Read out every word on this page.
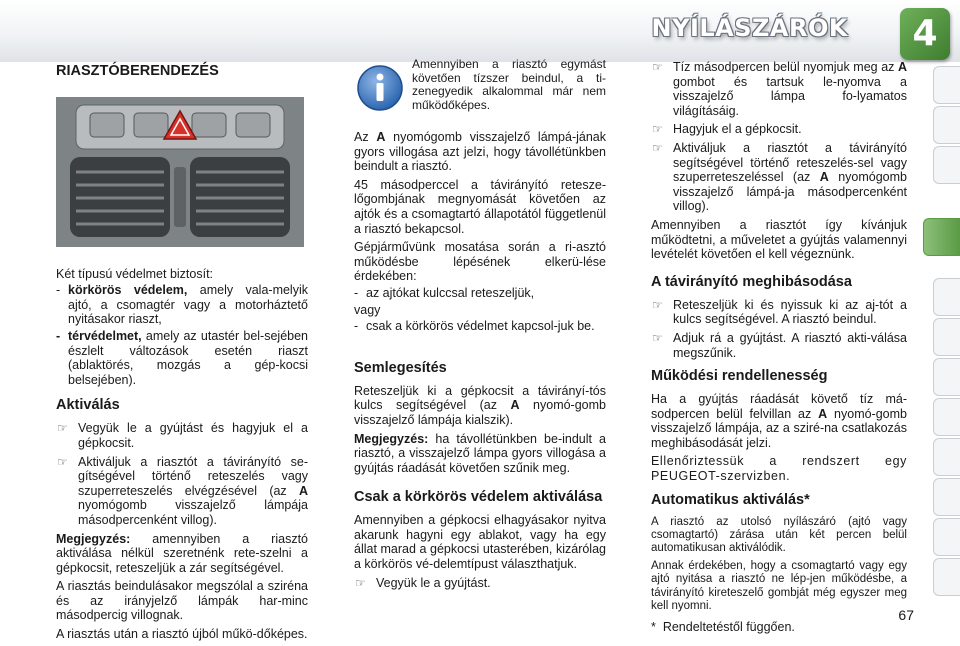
NYÍLÁSZÁRÓK	4
RIASZTÓBERENDEZÉS

Két típusú védelmet biztosít:

- körkörös védelem, amely vala-melyik ajtó, a csomagtér vagy a motorháztető nyitásakor riaszt,
- térvédelmet, amely az utastér bel-sejében észlelt változások esetén riaszt (ablaktörés, mozgás a gép-kocsi belsejében).
Aktiválás
☞ Vegyük le a gyújtást és hagyjuk el a gépkocsit.
☞ Aktiváljuk a riasztót a távirányító se-gítségével történő reteszelés vagy szuperreteszelés elvégzésével (az A nyomógomb visszajelző lámpája másodpercenként villog).

Megjegyzés: amennyiben a riasztó aktiválása nélkül szeretnénk rete-szelni a gépkocsit, reteszeljük a zár segítségével.

A riasztás beindulásakor megszólal a sziréna és az irányjelző lámpák har-minc másodpercig villognak.

A riasztás után a riasztó újból műkö-dőképes.

Amennyiben a riasztó egymást követően tízszer beindul, a ti-zenegyedik alkalommal már nem működőképes.

Az A nyomógomb visszajelző lámpá-jának gyors villogása azt jelzi, hogy távollétünkben beindult a riasztó.

45 másodperccel a távirányító retesze-lőgombjának megnyomását követően az ajtók és a csomagtartó állapotától függetlenül a riasztó bekapcsol.

Gépjárművünk mosatása során a ri-asztó működésbe lépésének elkerü-lése érdekében:

- az ajtókat kulccsal reteszeljük,

vagy

- csak a körkörös védelmet kapcsol-juk be.
Semlegesítés

Reteszeljük ki a gépkocsit a távirányí-tós kulcs segítségével (az A nyomó-gomb visszajelző lámpája kialszik).

Megjegyzés: ha távollétünkben be-indult a riasztó, a visszajelző lámpa gyors villogása a gyújtás ráadását követően szűnik meg.

Csak a körkörös védelem aktiválása

Amennyiben a gépkocsi elhagyásakor nyitva akarunk hagyni egy ablakot, vagy ha egy állat marad a gépkocsi utasterében, kizárólag a körkörös vé-delemtípust választhatjuk.

☞ Vegyük le a gyújtást.
☞ Tíz másodpercen belül nyomjuk meg az A gombot és tartsuk le-nyomva a visszajelző lámpa fo-lyamatos világításáig.
☞ Hagyjuk el a gépkocsit.
☞ Aktiváljuk a riasztót a távirányító segítségével történő reteszelés-sel vagy szuperreteszeléssel (az A nyomógomb visszajelző lámpá-ja másodpercenként villog).

Amennyiben a riasztót így kívánjuk működtetni, a műveletet a gyújtás valamennyi levételét követően el kell végeznünk.

A távirányító meghibásodása
☞ Reteszeljük ki és nyissuk ki az aj-tót a kulcs segítségével. A riasztó beindul.
☞ Adjuk rá a gyújtást. A riasztó akti-válása megszűnik.
Működési rendellenesség

Ha a gyújtás ráadását követő tíz má-sodpercen belül felvillan az A nyomó-gomb visszajelző lámpája, az a sziré-na csatlakozás meghibásodását jelzi.

Ellenőriztessük a rendszert egy PEUGEOT-szervizben.

Automatikus aktiválás*

A riasztó az utolsó nyílászáró (ajtó vagy csomagtartó) zárása után két percen belül automatikusan aktiválódik.

Annak érdekében, hogy a csomagtartó vagy egy ajtó nyitása a riasztó ne lép-jen működésbe, a távirányító kireteszelő gombját még egyszer meg kell nyomni.

* Rendeltetéstől függően.

67
